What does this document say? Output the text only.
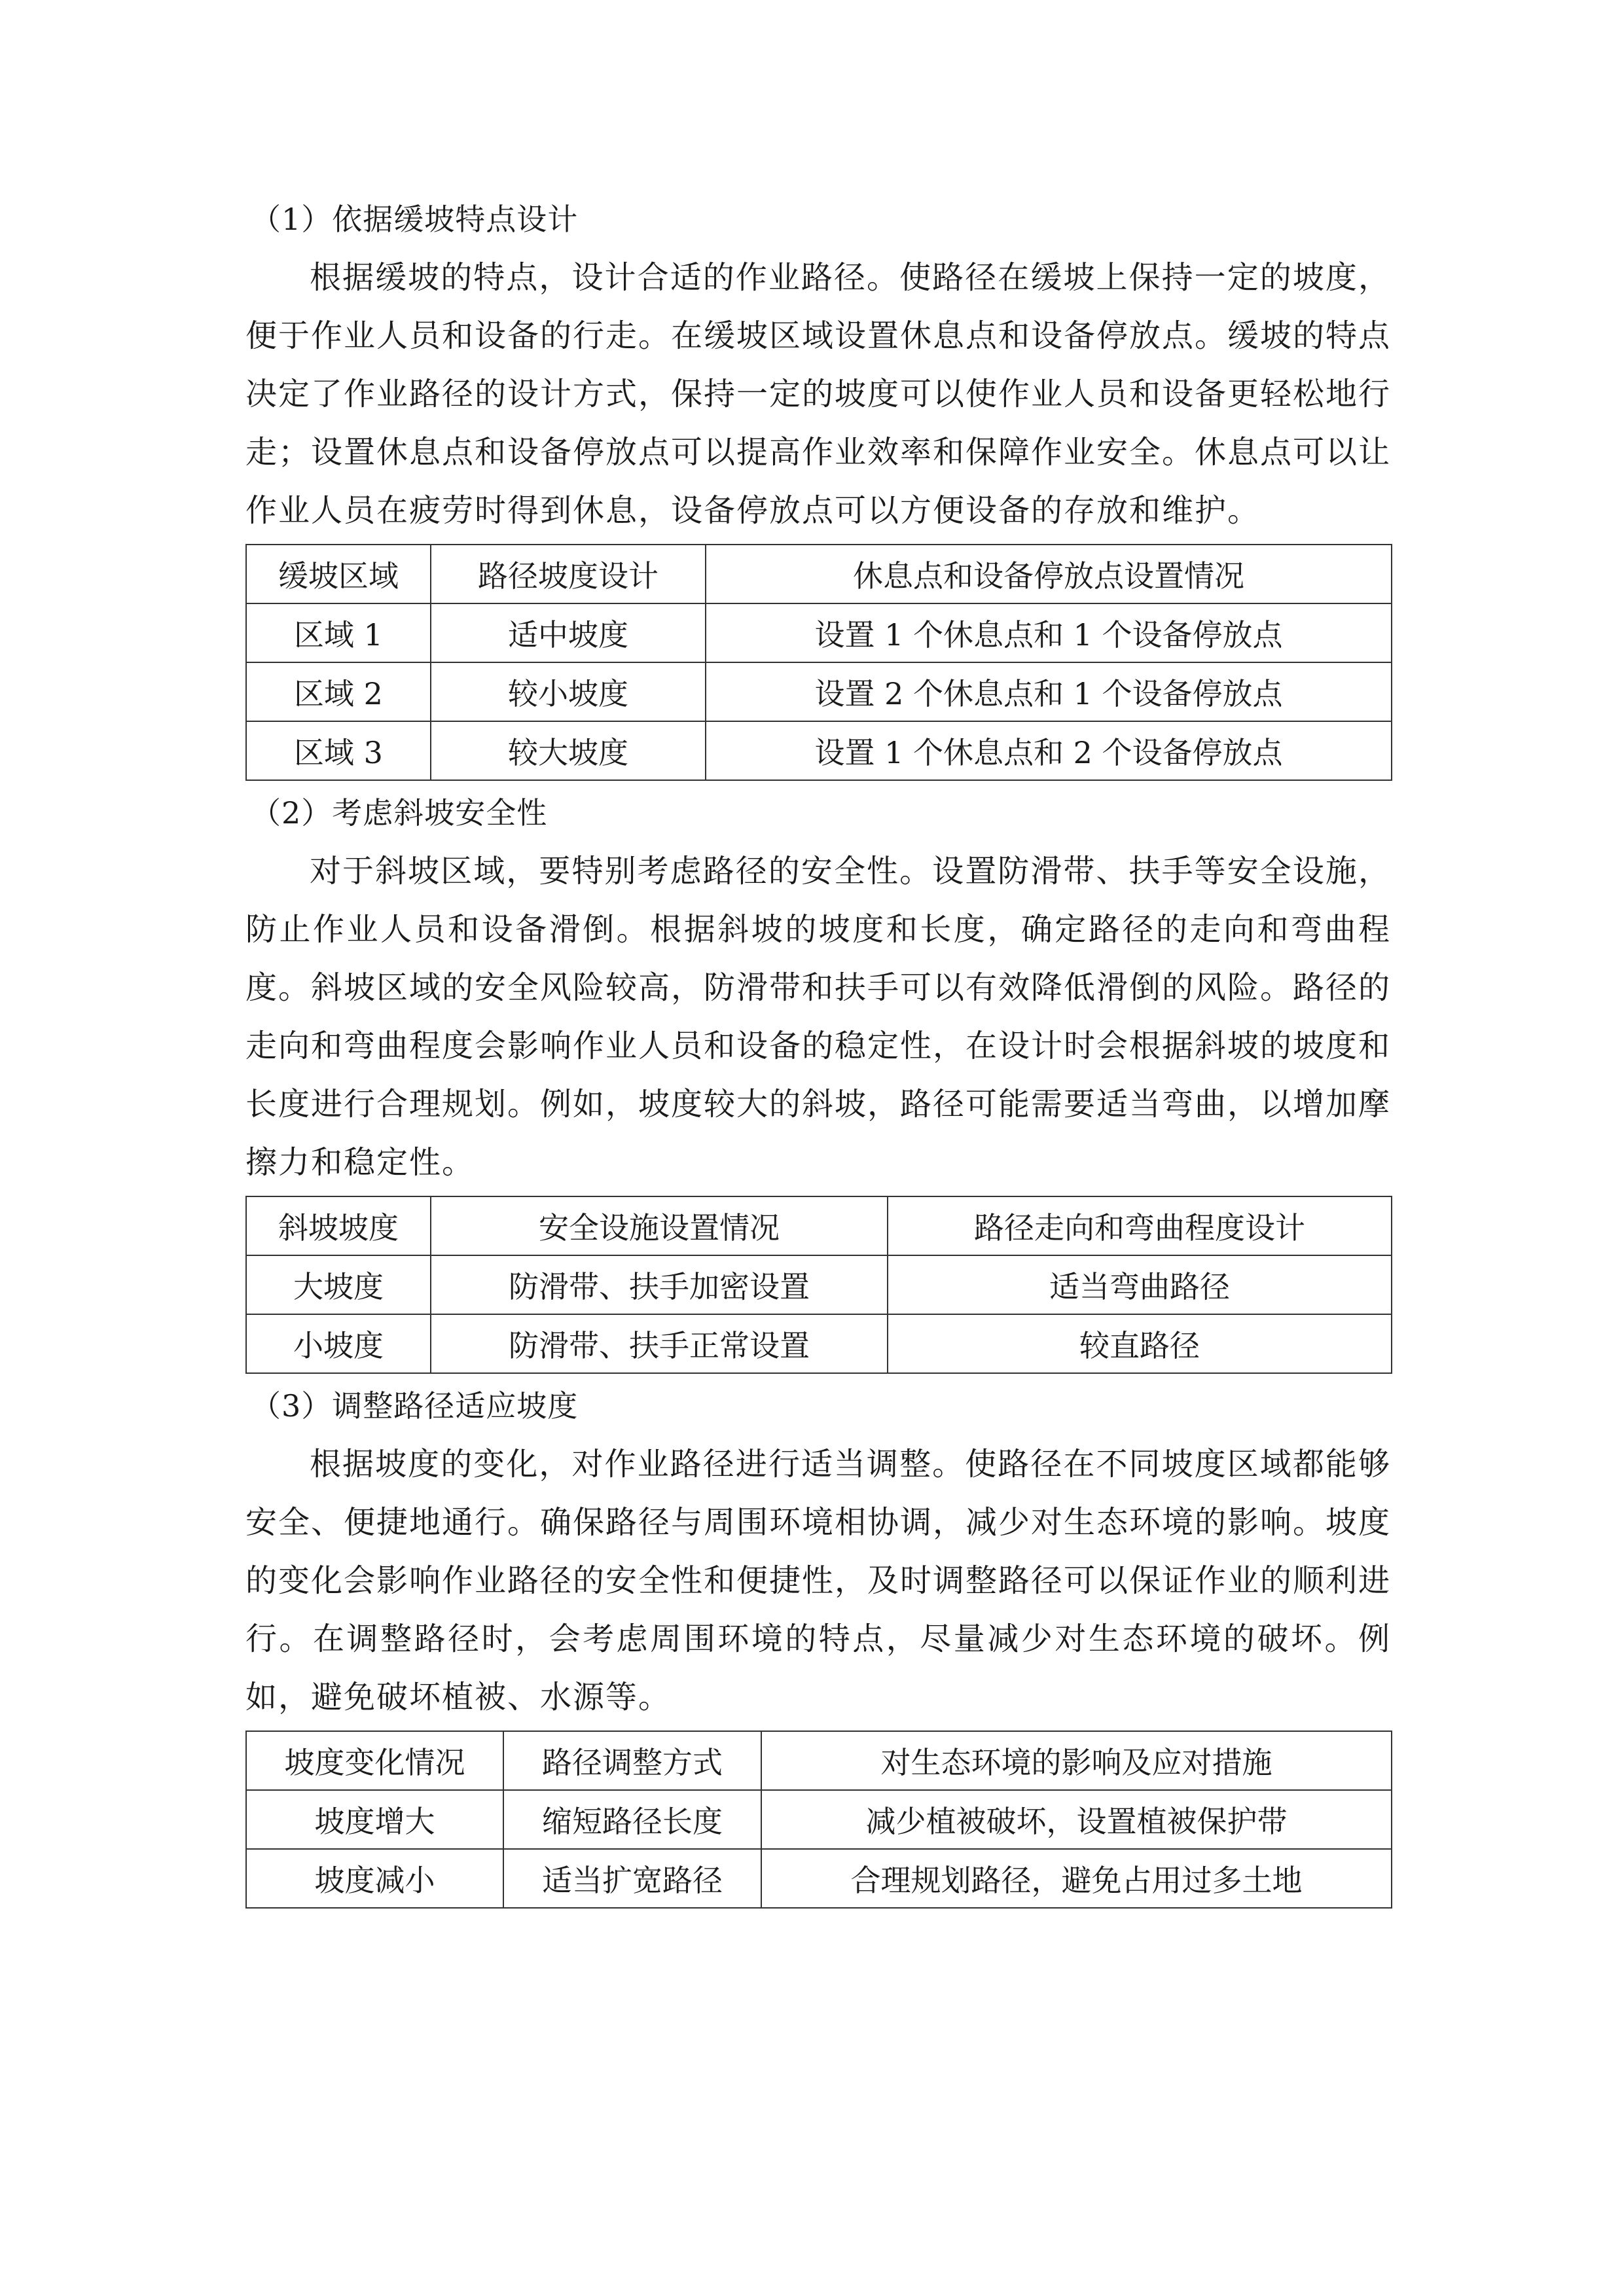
（1）依据缓坡特点设计

根据缓坡的特点，设计合适的作业路径。使路径在缓坡上保持一定的坡度，便于作业人员和设备的行走。在缓坡区域设置休息点和设备停放点。缓坡的特点决定了作业路径的设计方式，保持一定的坡度可以使作业人员和设备更轻松地行走；设置休息点和设备停放点可以提高作业效率和保障作业安全。休息点可以让作业人员在疲劳时得到休息，设备停放点可以方便设备的存放和维护。

缓坡区域	路径坡度设计	休息点和设备停放点设置情况
区域 1	适中坡度	设置 1 个休息点和 1 个设备停放点
区域 2	较小坡度	设置 2 个休息点和 1 个设备停放点
区域 3	较大坡度	设置 1 个休息点和 2 个设备停放点

（2）考虑斜坡安全性

对于斜坡区域，要特别考虑路径的安全性。设置防滑带、扶手等安全设施，防止作业人员和设备滑倒。根据斜坡的坡度和长度，确定路径的走向和弯曲程度。斜坡区域的安全风险较高，防滑带和扶手可以有效降低滑倒的风险。路径的走向和弯曲程度会影响作业人员和设备的稳定性，在设计时会根据斜坡的坡度和长度进行合理规划。例如，坡度较大的斜坡，路径可能需要适当弯曲，以增加摩擦力和稳定性。

斜坡坡度	安全设施设置情况	路径走向和弯曲程度设计
大坡度	防滑带、扶手加密设置	适当弯曲路径
小坡度	防滑带、扶手正常设置	较直路径

（3）调整路径适应坡度

根据坡度的变化，对作业路径进行适当调整。使路径在不同坡度区域都能够安全、便捷地通行。确保路径与周围环境相协调，减少对生态环境的影响。坡度的变化会影响作业路径的安全性和便捷性，及时调整路径可以保证作业的顺利进行。在调整路径时，会考虑周围环境的特点，尽量减少对生态环境的破坏。例如，避免破坏植被、水源等。

坡度变化情况	路径调整方式	对生态环境的影响及应对措施
坡度增大	缩短路径长度	减少植被破坏，设置植被保护带
坡度减小	适当扩宽路径	合理规划路径，避免占用过多土地
